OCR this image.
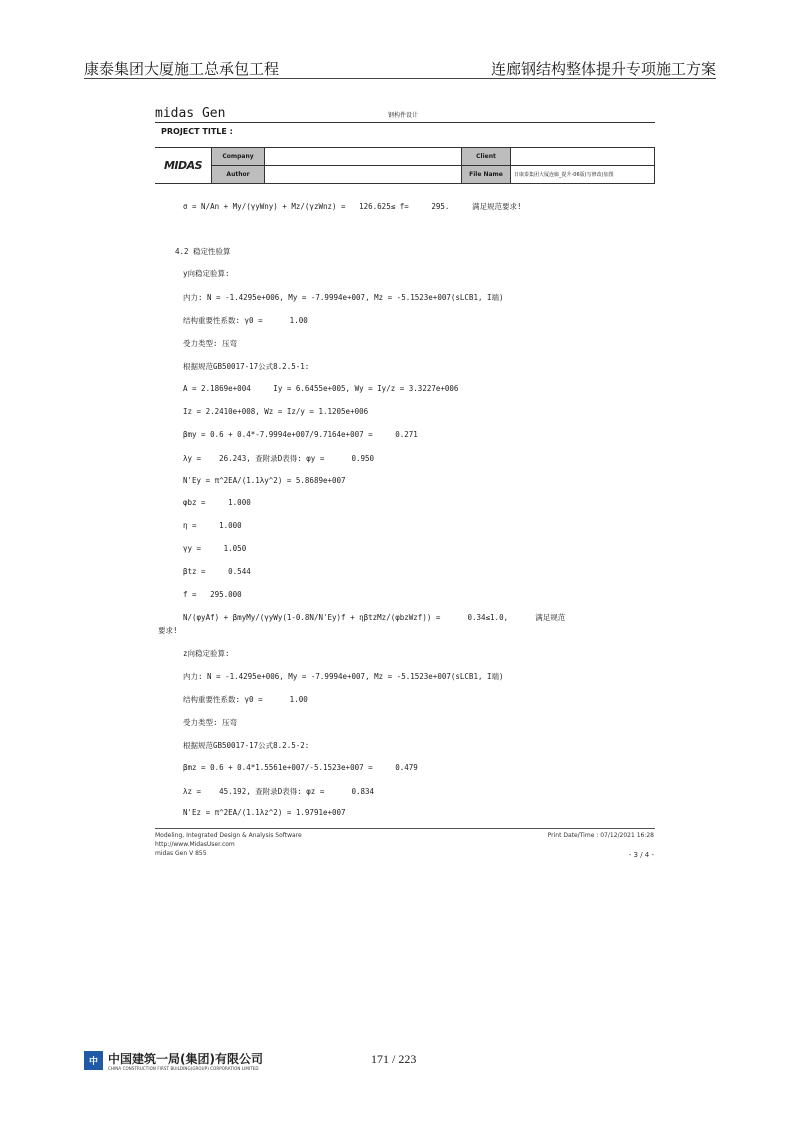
康泰集团大厦施工总承包工程	连廊钢结构整体提升专项施工方案
midas Gen	钢构件设计
PROJECT TITLE :
MIDAS	Company		Client	
	Author		File Name	日康泰集团大厦连廊_提升-06版(写修改)加图
σ = N/An + My/(γyWny) + Mz/(γzWnz) =   126.625≤ f=     295.     满足规范要求!
4.2 稳定性验算
y向稳定验算:
内力: N = -1.4295e+006, My = -7.9994e+007, Mz = -5.1523e+007(sLCB1, I端)
结构重要性系数: γ0 =      1.00
受力类型: 压弯
根据规范GB50017-17公式8.2.5-1:
A = 2.1869e+004     Iy = 6.6455e+005, Wy = Iy/z = 3.3227e+006
Iz = 2.2410e+008, Wz = Iz/y = 1.1205e+006
βmy = 0.6 + 0.4*-7.9994e+007/9.7164e+007 =     0.271
λy =    26.243, 查附录D表得: φy =      0.950
N'Ey = π^2EA/(1.1λy^2) = 5.8689e+007
φbz =     1.000
η =     1.000
γy =     1.050
βtz =     0.544
f =   295.000
N/(φyAf) + βmyMy/(γyWy(1-0.8N/N'Ey)f + ηβtzMz/(φbzWzf)) =      0.34≤1.0,      满足规范
要求!
z向稳定验算:
内力: N = -1.4295e+006, My = -7.9994e+007, Mz = -5.1523e+007(sLCB1, I端)
结构重要性系数: γ0 =      1.00
受力类型: 压弯
根据规范GB50017-17公式8.2.5-2:
βmz = 0.6 + 0.4*1.5561e+007/-5.1523e+007 =     0.479
λz =    45.192, 查附录D表得: φz =      0.834
N'Ez = π^2EA/(1.1λz^2) = 1.9791e+007
Modeling, Integrated Design & Analysis Software
http://www.MidasUser.com
midas Gen V 855
Print Date/Time : 07/12/2021 16:28
- 3 / 4 -
中 中国建筑一局(集团)有限公司
CHINA CONSTRUCTION FIRST BUILDING(GROUP) CORPORATION LIMITED
171 / 223
